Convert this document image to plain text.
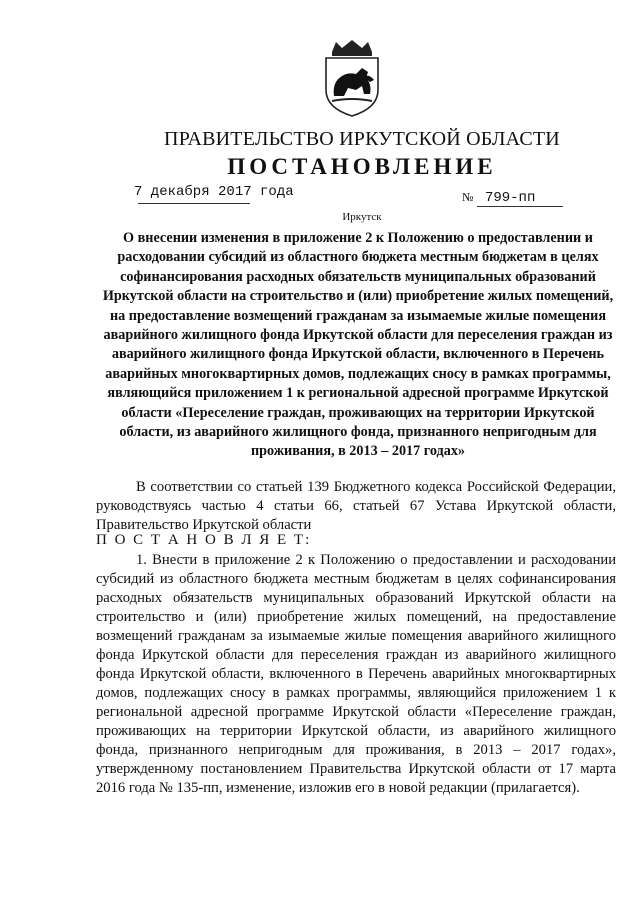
ПРАВИТЕЛЬСТВО ИРКУТСКОЙ ОБЛАСТИ
ПОСТАНОВЛЕНИЕ
7 декабря 2017 года	№ 799-пп
Иркутск

О внесении изменения в приложение 2 к Положению о предоставлении и расходовании субсидий из областного бюджета местным бюджетам в целях софинансирования расходных обязательств муниципальных образований Иркутской области на строительство и (или) приобретение жилых помещений, на предоставление возмещений гражданам за изымаемые жилые помещения аварийного жилищного фонда Иркутской области для переселения граждан из аварийного жилищного фонда Иркутской области, включенного в Перечень аварийных многоквартирных домов, подлежащих сносу в рамках программы, являющийся приложением 1 к региональной адресной программе Иркутской области «Переселение граждан, проживающих на территории Иркутской области, из аварийного жилищного фонда, признанного непригодным для проживания, в 2013 – 2017 годах»

В соответствии со статьей 139 Бюджетного кодекса Российской Федерации, руководствуясь частью 4 статьи 66, статьей 67 Устава Иркутской области, Правительство Иркутской области

П О С Т А Н О В Л Я Е Т:

1. Внести в приложение 2 к Положению о предоставлении и расходовании субсидий из областного бюджета местным бюджетам в целях софинансирования расходных обязательств муниципальных образований Иркутской области на строительство и (или) приобретение жилых помещений, на предоставление возмещений гражданам за изымаемые жилые помещения аварийного жилищного фонда Иркутской области для переселения граждан из аварийного жилищного фонда Иркутской области, включенного в Перечень аварийных многоквартирных домов, подлежащих сносу в рамках программы, являющийся приложением 1 к региональной адресной программе Иркутской области «Переселение граждан, проживающих на территории Иркутской области, из аварийного жилищного фонда, признанного непригодным для проживания, в 2013 – 2017 годах», утвержденному постановлением Правительства Иркутской области от 17 марта 2016 года № 135-пп, изменение, изложив его в новой редакции (прилагается).
